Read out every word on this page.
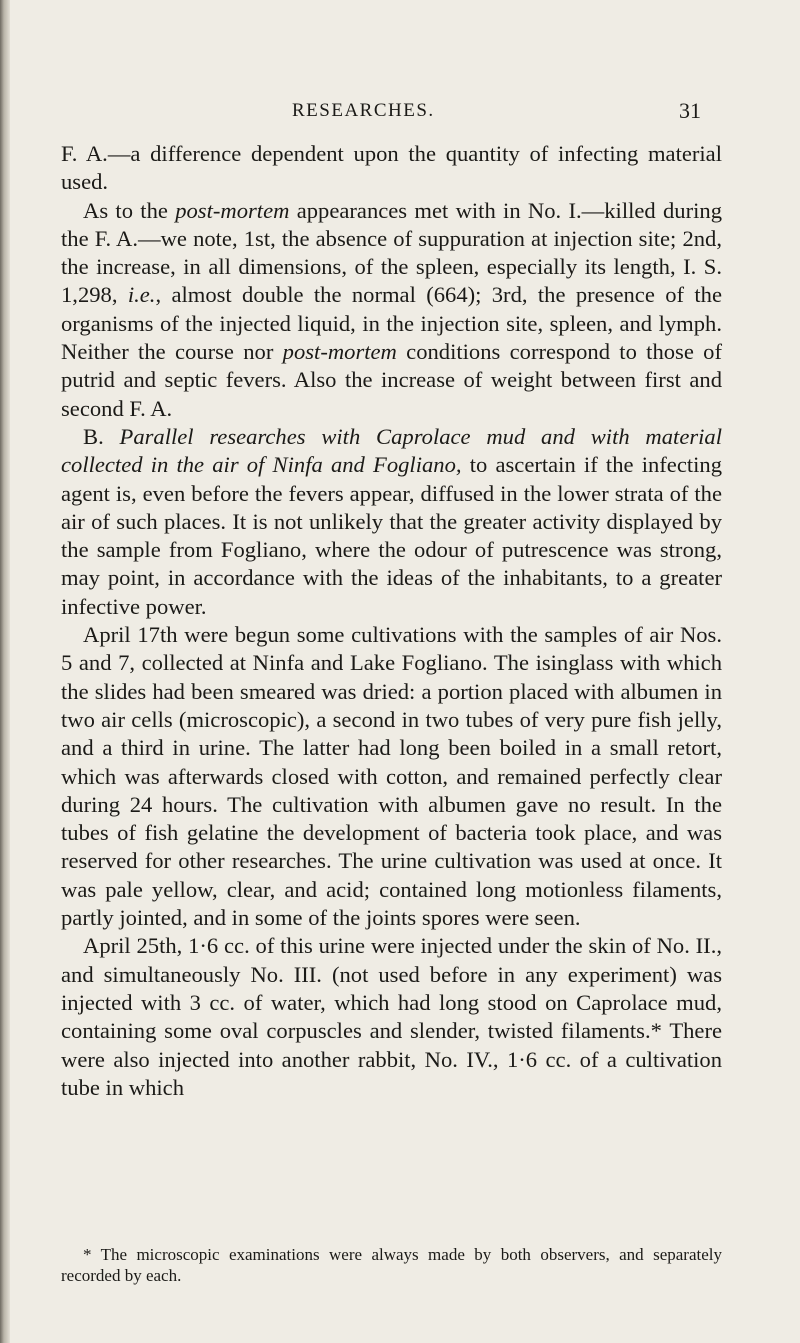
RESEARCHES.	31

F. A.—a difference dependent upon the quantity of infecting material used.

As to the post-mortem appearances met with in No. I.—killed during the F. A.—we note, 1st, the absence of suppuration at injection site; 2nd, the increase, in all dimensions, of the spleen, especially its length, I. S. 1,298, i.e., almost double the normal (664); 3rd, the presence of the organisms of the injected liquid, in the injection site, spleen, and lymph. Neither the course nor post-mortem conditions correspond to those of putrid and septic fevers. Also the increase of weight between first and second F. A.

B. Parallel researches with Caprolace mud and with material collected in the air of Ninfa and Fogliano, to ascertain if the infecting agent is, even before the fevers appear, diffused in the lower strata of the air of such places. It is not unlikely that the greater activity displayed by the sample from Fogliano, where the odour of putrescence was strong, may point, in accordance with the ideas of the inhabitants, to a greater infective power.

April 17th were begun some cultivations with the samples of air Nos. 5 and 7, collected at Ninfa and Lake Fogliano. The isinglass with which the slides had been smeared was dried: a portion placed with albumen in two air cells (microscopic), a second in two tubes of very pure fish jelly, and a third in urine. The latter had long been boiled in a small retort, which was afterwards closed with cotton, and remained perfectly clear during 24 hours. The cultivation with albumen gave no result. In the tubes of fish gelatine the development of bacteria took place, and was reserved for other researches. The urine cultivation was used at once. It was pale yellow, clear, and acid; contained long motionless filaments, partly jointed, and in some of the joints spores were seen.

April 25th, 1·6 cc. of this urine were injected under the skin of No. II., and simultaneously No. III. (not used before in any experiment) was injected with 3 cc. of water, which had long stood on Caprolace mud, containing some oval corpuscles and slender, twisted filaments.* There were also injected into another rabbit, No. IV., 1·6 cc. of a cultivation tube in which

* The microscopic examinations were always made by both observers, and separately recorded by each.
